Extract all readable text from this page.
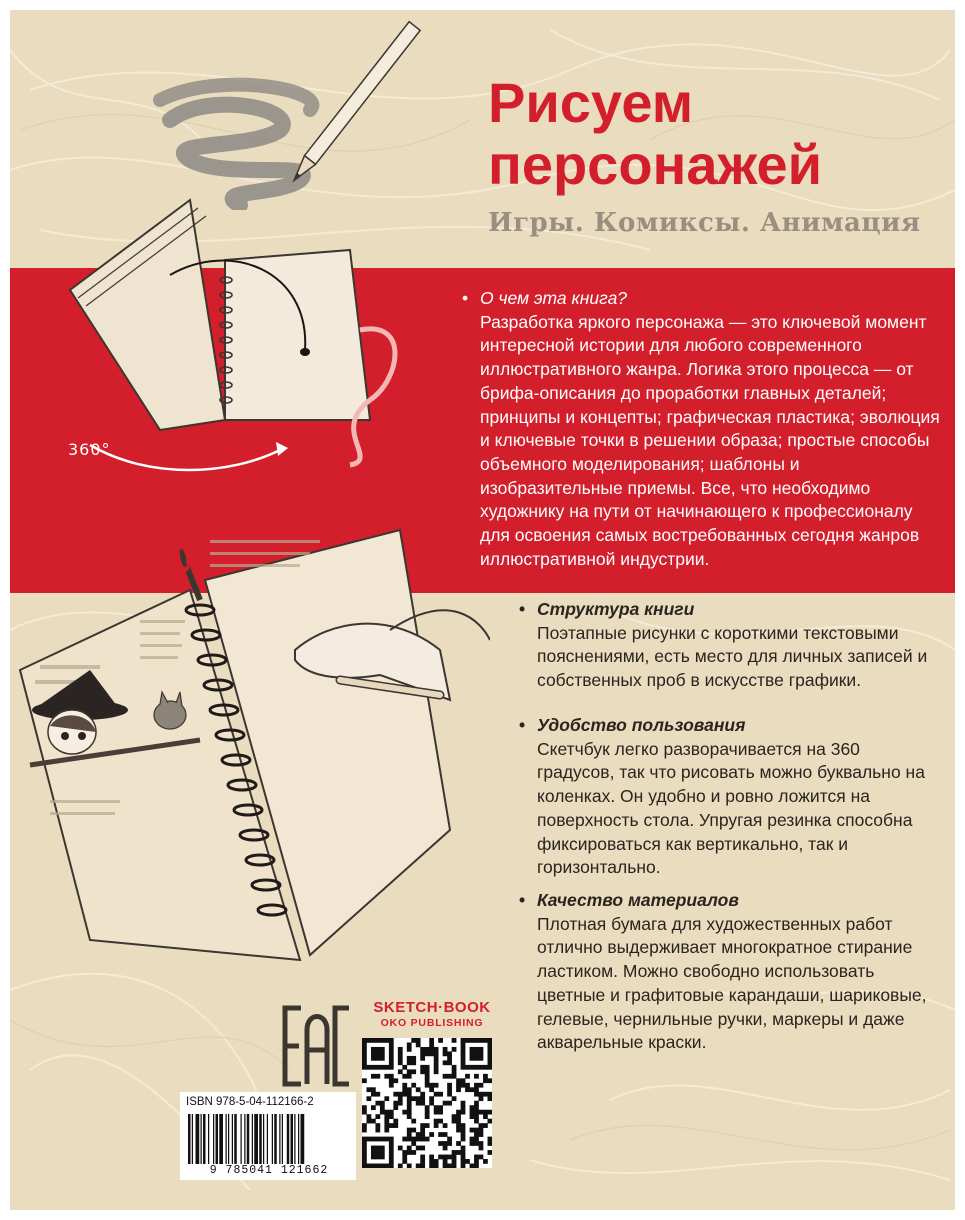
360°
Рисуем
персонажей
Игры. Комиксы. Анимация
• О чем эта книга?
Разработка яркого персонажа — это ключевой момент интересной истории для любого современного иллюстративного жанра. Логика этого процесса — от брифа-описания до проработки главных деталей; принципы и концепты; графическая пластика; эволюция и ключевые точки в решении образа; простые способы объемного моделирования; шаблоны и изобразительные приемы. Все, что необходимо художнику на пути от начинающего к профессионалу для освоения самых востребованных сегодня жанров иллюстративной индустрии.
• Структура книги
Поэтапные рисунки с короткими текстовыми пояснениями, есть место для личных записей и собственных проб в искусстве графики.
• Удобство пользования
Скетчбук легко разворачивается на 360 градусов, так что рисовать можно буквально на коленках. Он удобно и ровно ложится на поверхность стола. Упругая резинка способна фиксироваться как вертикально, так и горизонтально.
• Качество материалов
Плотная бумага для художественных работ отлично выдерживает многократное стирание ластиком. Можно свободно использовать цветные и графитовые карандаши, шариковые, гелевые, чернильные ручки, маркеры и даже акварельные краски.
SKETCH·BOOK
OKO PUBLISHING
ISBN 978-5-04-112166-2
9 785041 121662
